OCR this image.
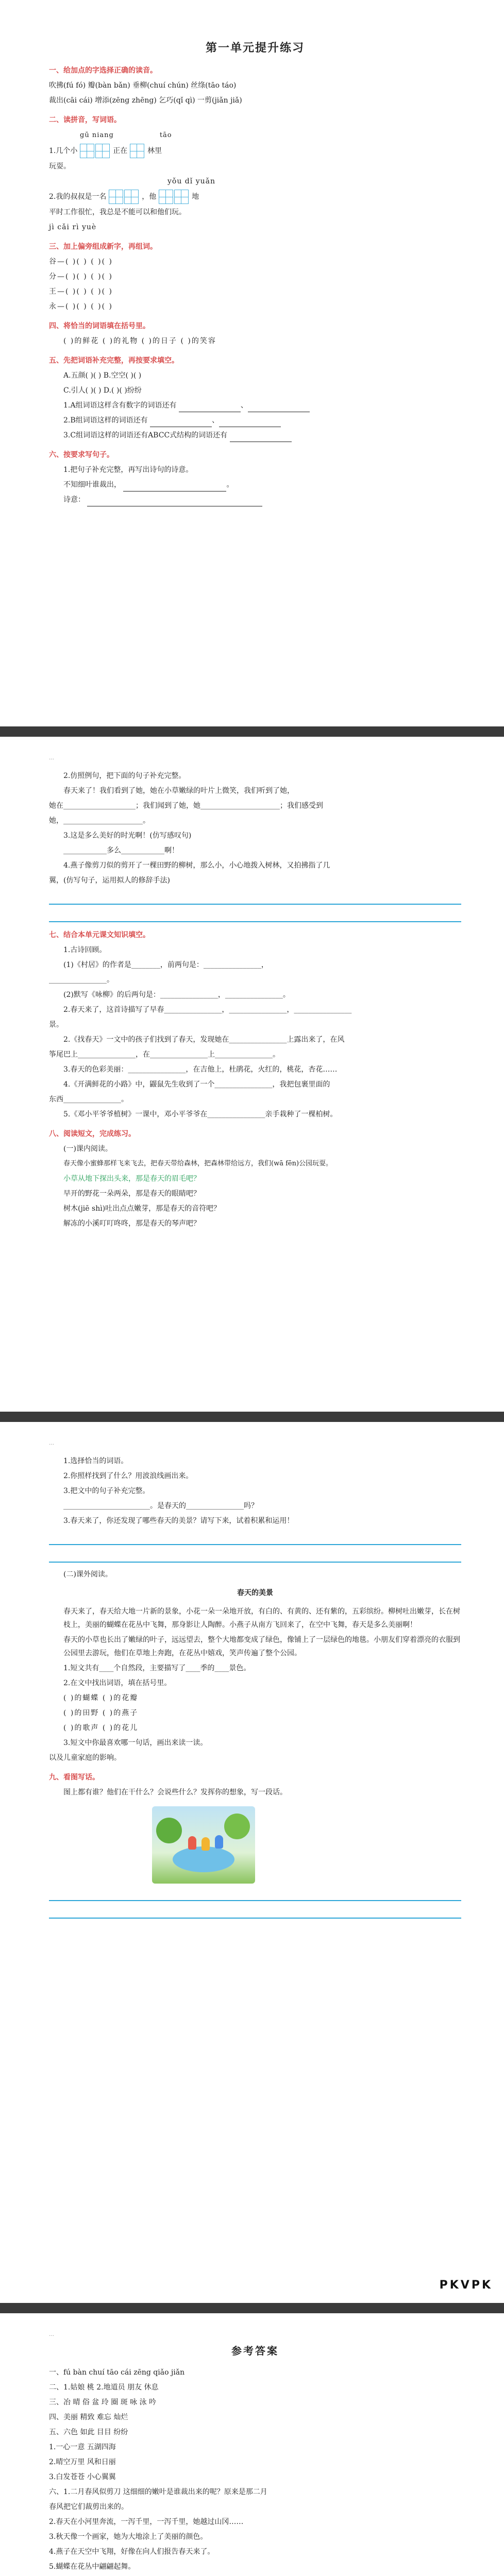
第一单元提升练习
一、给加点的字选择正确的读音。
吹拂(fú fó) 瓣(bàn bǎn) 垂柳(chuí chún) 丝绦(tāo táo)
裁出(cāi cái) 增添(zēng zhēng) 乞巧(qǐ qì) 一剪(jiǎn jiǎ)
二、读拼音，写词语。
gū niang	tāo
1.几个小	正在	林里
玩耍。
yǒu dǐ yuǎn
2.我的叔叔是一名	，他	地
平时工作很忙，我总是不能可以和他们玩。
jì cǎi rì yuè
三、加上偏旁组成新字，再组词。
谷—( )( ) ( )( )
分—( )( ) ( )( )
王—( )( ) ( )( )
永—( )( ) ( )( )
四、将恰当的词语填在括号里。
( )的鲜花 ( )的礼物 ( )的日子 ( )的笑容
五、先把词语补充完整，再按要求填空。
A.五颜( )( ) B.空空( )( )
C.引人( )( ) D.( )( )纷纷
1.A组词语这样含有数字的词语还有	、
2.B组词语这样的词语还有	、
3.C组词语这样的词语还有ABCC式结构的词语还有
六、按要求写句子。
1.把句子补充完整，再写出诗句的诗意。
不知细叶谁裁出，	。
诗意：
…
2.仿照例句，把下面的句子补充完整。
春天来了！我们看到了她，她在小草嫩绿的叶片上微笑，我们听到了她，
她在____________________；我们闻到了她，她______________________；我们感受到
她，______________________。
3.这是多么美好的时光啊！(仿写感叹句)
____________多么____________啊！
4.燕子像剪刀似的剪开了一棵田野的柳树，那么小，小心地拨入树林，又拍拂指了几
翼，(仿写句子，运用拟人的修辞手法)
七、结合本单元课文知识填空。
1.古诗回顾。
(1)《村居》的作者是________，前两句是：________________，
________________。
(2)默写《咏柳》的后两句是：________________，________________。
2.春天来了，这首诗描写了早春________________，________________，________________
景。
2.《找春天》一文中的孩子们找到了春天，发现她在________________上露出来了，在风
筝尾巴上________________，在________________上________________。
3.春天的色彩美丽：________________，在吉他上，杜鹃花，火红的，桃花，杏花……
4.《开满鲜花的小路》中，鼹鼠先生收到了一个________________，我把包裹里面的
东西________________。
5.《邓小平爷爷植树》一课中，邓小平爷爷在________________亲手栽种了一棵柏树。
八、阅读短文，完成练习。
(一)课内阅读。
春天像小蜜蜂那样飞来飞去，把春天带给森林，把森林带给远方，我们(wā fēn)公园玩耍。
小草从地下探出头来，那是春天的眉毛吧？
早开的野花一朵两朵，那是春天的眼睛吧？
树木(jiē shì)吐出点点嫩芽，那是春天的音符吧？
解冻的小溪叮叮咚咚，那是春天的琴声吧？
…
1.选择恰当的词语。
2.你照样找到了什么？用波浪线画出来。
3.把文中的句子补充完整。
________________________。是春天的________________吗？
3.春天来了，你还发现了哪些春天的美景？请写下来，试着积累和运用！
(二)课外阅读。
春天的美景
春天来了，春天给大地一片新的景象，小花一朵一朵地开放，有白的、有黄的、还有紫的，五彩缤纷。柳树吐出嫩芽，长在树枝上，美丽的蝴蝶在花丛中飞舞，那身影让人陶醉。小燕子从南方飞回来了，在空中飞舞，春天是多么美丽啊！
春天的小草也长出了嫩绿的叶子，远远望去，整个大地都变成了绿色，像铺上了一层绿色的地毯。小朋友们穿着漂亮的衣服到公园里去游玩，他们在草地上奔跑，在花丛中嬉戏，笑声传遍了整个公园。
1.短文共有____个自然段，主要描写了____季的____景色。
2.在文中找出词语，填在括号里。
( )的蝴蝶 ( )的花瓣
( )的田野 ( )的燕子
( )的歌声 ( )的花儿
3.短文中你最喜欢哪一句话，画出来读一读。
以及儿童家庭的影响。
九、看图写话。
图上都有谁？他们在干什么？会说些什么？发挥你的想象，写一段话。
PKVPK
…
参考答案
一、fú bàn chuí tāo cái zēng qiǎo jiǎn
二、1.姑娘 桃 2.地道员 朋友 休息
三、冶 晴 俗 盆 玲 圈 斑 咏 泳 吟
四、美丽 精致 难忘 灿烂
五、六色 如此 目目 纷纷
1.一心一意 五湖四海
2.晴空万里 风和日丽
3.白发苍苍 小心翼翼
六、1.二月春风似剪刀 这细细的嫩叶是谁裁出来的呢？原来是那二月
春风把它们裁剪出来的。
2.春天在小河里奔流，一泻千里，一泻千里，她越过山冈……
3.秋天像一个画家，她为大地涂上了美丽的颜色。
4.燕子在天空中飞翔，好像在向人们报告春天来了。
5.蝴蝶在花丛中翩翩起舞。
